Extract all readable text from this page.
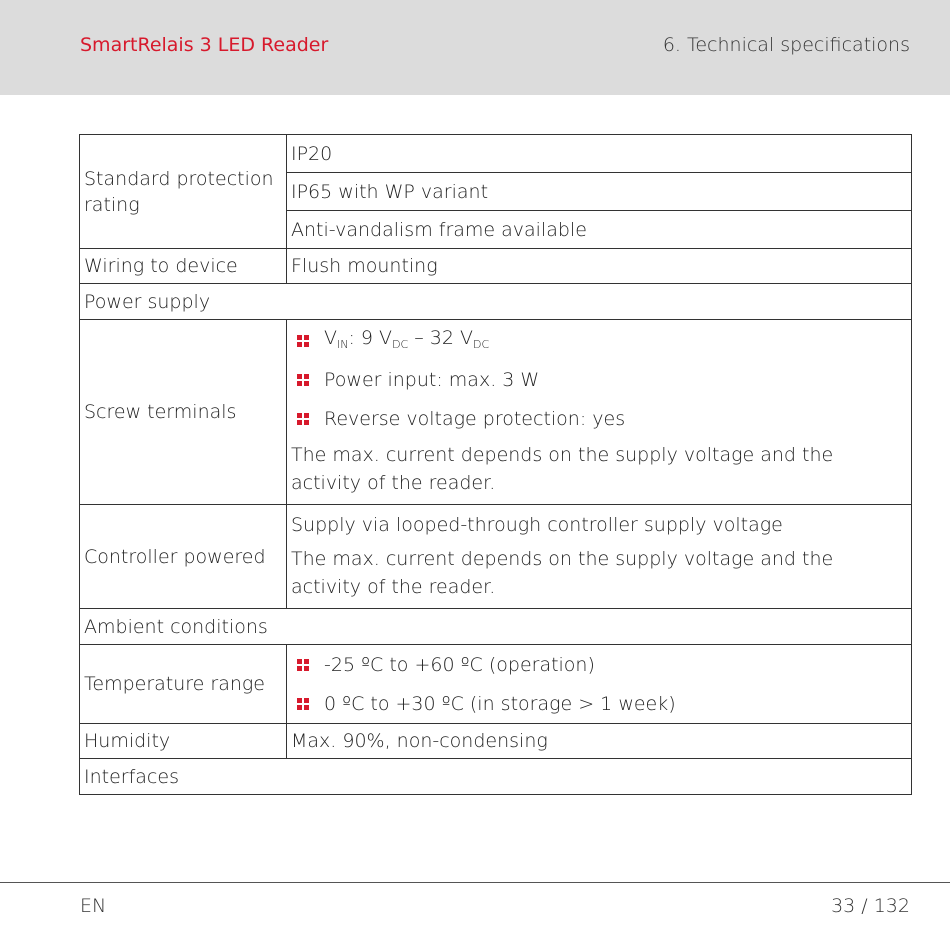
SmartRelais 3 LED Reader	6. Technical specifications
Standard protection rating	IP20
IP65 with WP variant
Anti-vandalism frame available

Wiring to device	Flush mounting
Power supply	
Screw terminals	$V_{IN}$: 9 $V_{DC} - 32$ $V_{DC}$
Power input: max. 3 W
Reverse voltage protection: yes
The max. current depends on the supply voltage and the activity of the reader.

Controller powered	Supply via looped-through controller supply voltage
The max. current depends on the supply voltage and the activity of the reader.

Ambient conditions	
Temperature range	-25 ºC to +60 ºC (operation)
0 ºC to +30 ºC (in storage > 1 week)

Humidity	Max. 90%, non-condensing
Interfaces	
EN	33 / 132
